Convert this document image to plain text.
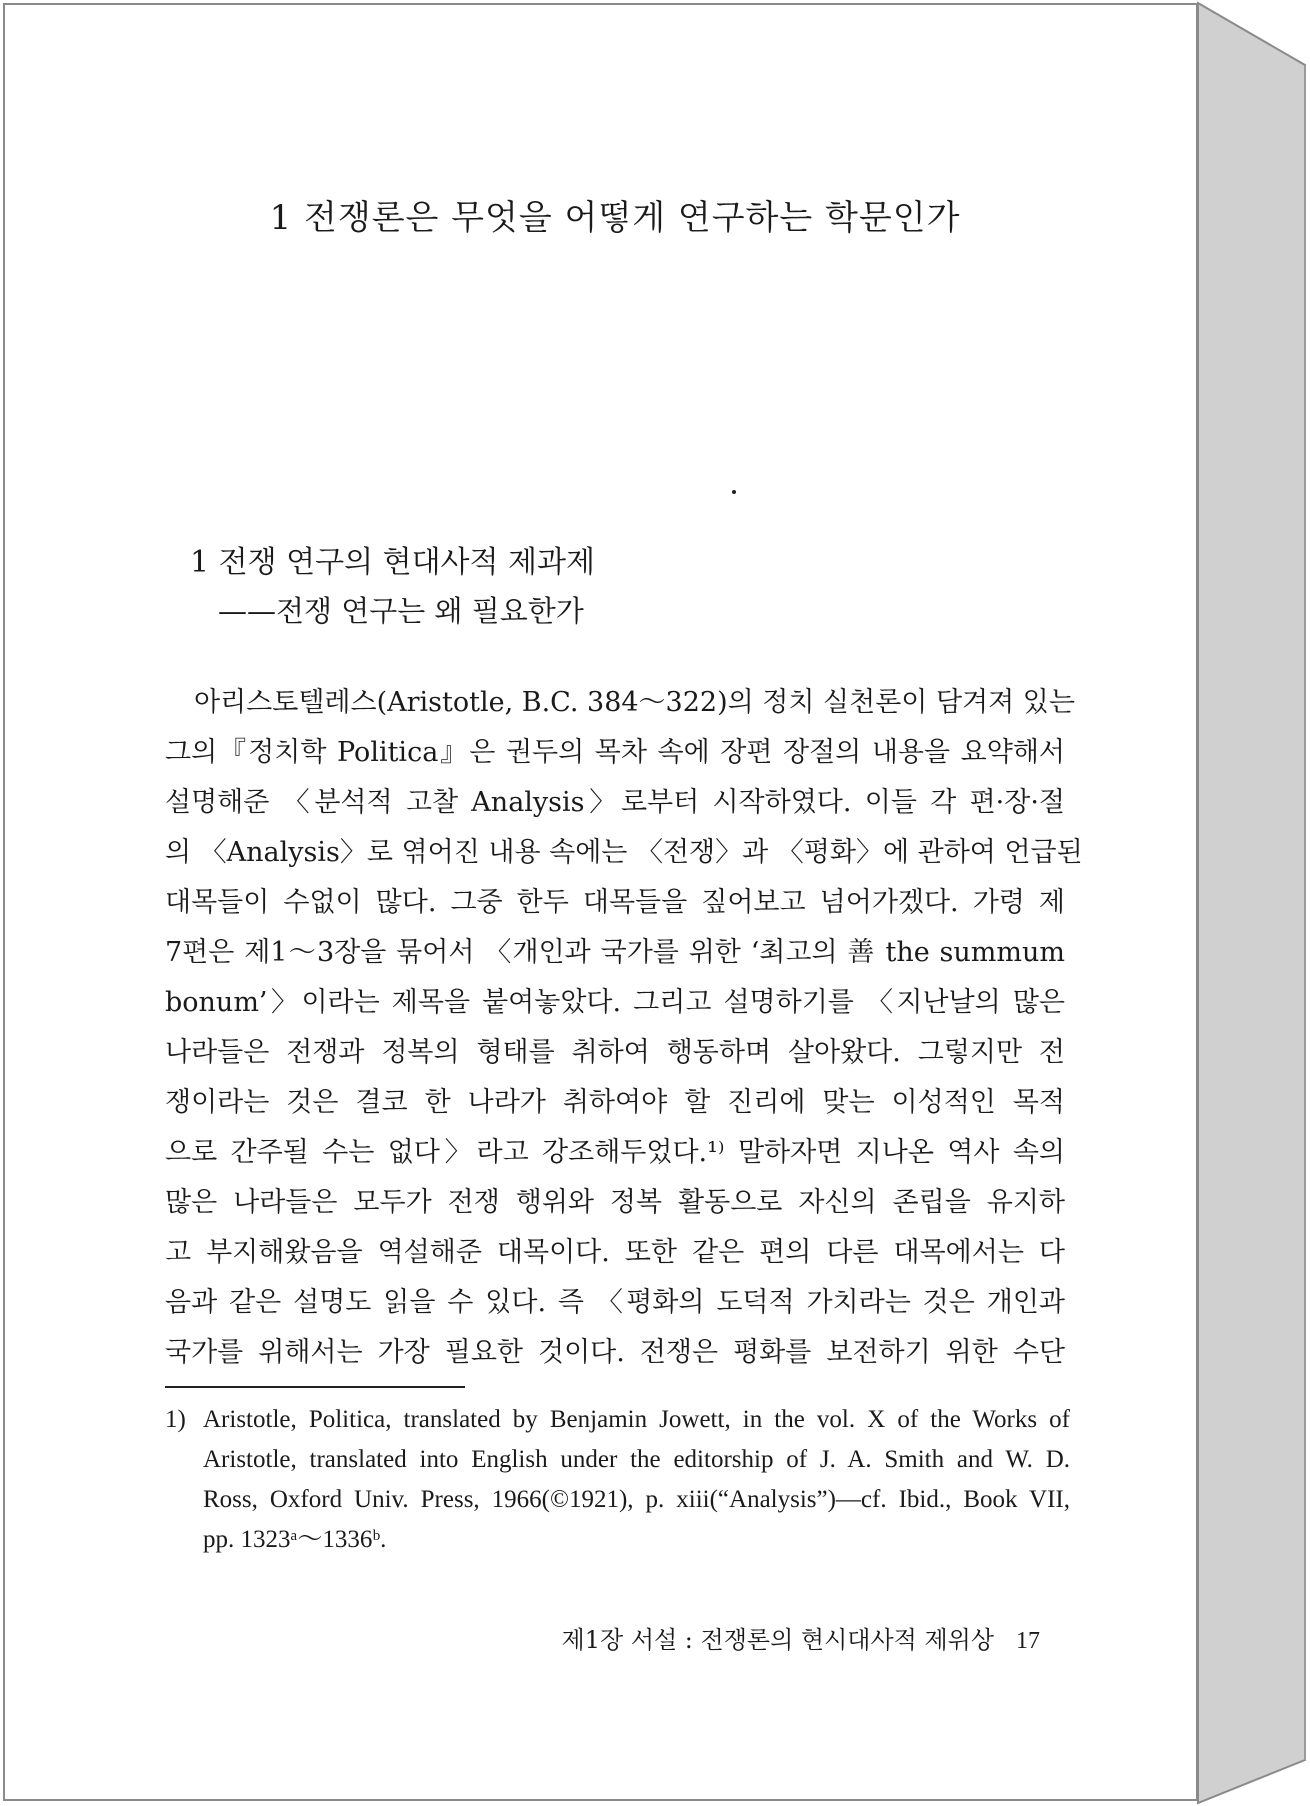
1 전쟁론은 무엇을 어떻게 연구하는 학문인가
1 전쟁 연구의 현대사적 제과제
——전쟁 연구는 왜 필요한가
아리스토텔레스(Aristotle, B.C. 384～322)의 정치 실천론이 담겨져 있는
그의『정치학 Politica』은 권두의 목차 속에 장편 장절의 내용을 요약해서
설명해준 〈분석적 고찰 Analysis〉로부터 시작하였다. 이들 각 편·장·절
의 〈Analysis〉로 엮어진 내용 속에는 〈전쟁〉과 〈평화〉에 관하여 언급된
대목들이 수없이 많다. 그중 한두 대목들을 짚어보고 넘어가겠다. 가령 제
7편은 제1～3장을 묶어서 〈개인과 국가를 위한 ‘최고의 善 the summum
bonum’〉이라는 제목을 붙여놓았다. 그리고 설명하기를 〈지난날의 많은
나라들은 전쟁과 정복의 형태를 취하여 행동하며 살아왔다. 그렇지만 전
쟁이라는 것은 결코 한 나라가 취하여야 할 진리에 맞는 이성적인 목적
으로 간주될 수는 없다〉라고 강조해두었다.¹⁾ 말하자면 지나온 역사 속의
많은 나라들은 모두가 전쟁 행위와 정복 활동으로 자신의 존립을 유지하
고 부지해왔음을 역설해준 대목이다. 또한 같은 편의 다른 대목에서는 다
음과 같은 설명도 읽을 수 있다. 즉 〈평화의 도덕적 가치라는 것은 개인과
국가를 위해서는 가장 필요한 것이다. 전쟁은 평화를 보전하기 위한 수단
1) Aristotle, Politica, translated by Benjamin Jowett, in the vol. X of the Works of
Aristotle, translated into English under the editorship of J. A. Smith and W. D.
Ross, Oxford Univ. Press, 1966(©1921), p. xiii(“Analysis”)—cf. Ibid., Book VII,
pp. 1323ᵃ～1336ᵇ.
제1장 서설 : 전쟁론의 현시대사적 제위상 17
